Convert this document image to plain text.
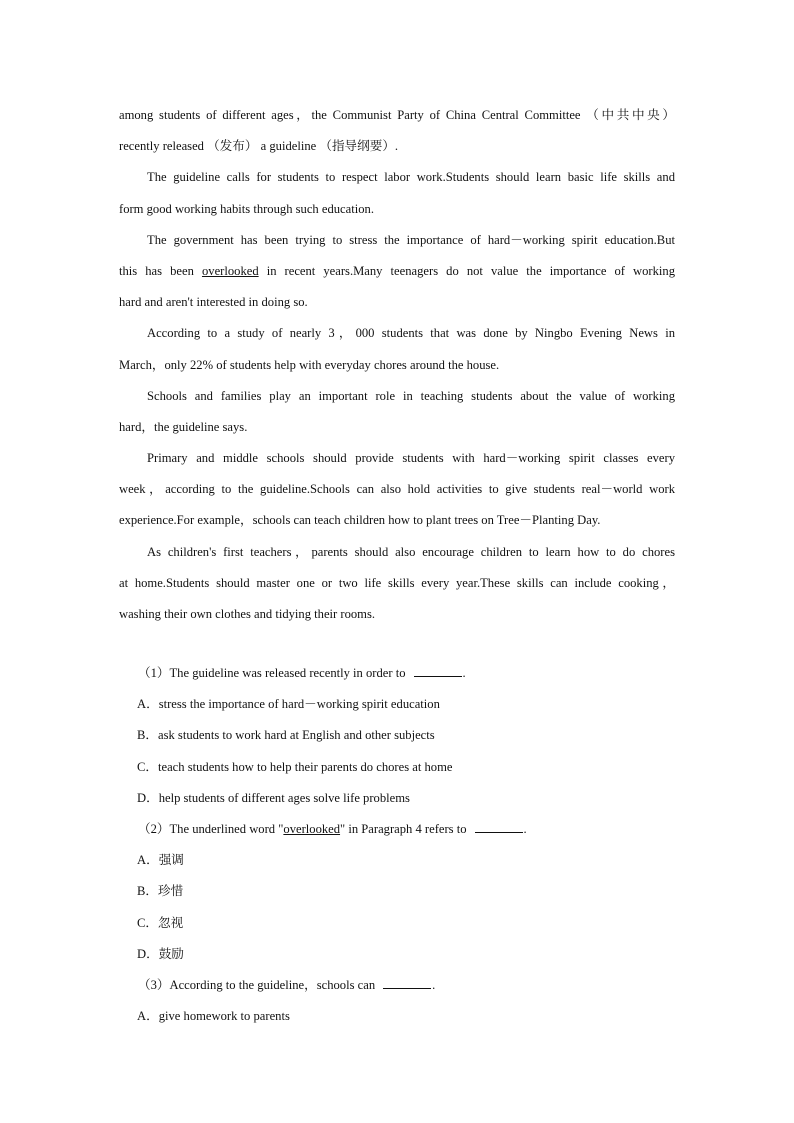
among students of different ages，the Communist Party of China Central Committee （中共中央）
recently released （发布） a guideline （指导纲要）.
The guideline calls for students to respect labor work.Students should learn basic life skills and
form good working habits through such education.
The government has been trying to stress the importance of hard－working spirit education.But
this has been overlooked in recent years.Many teenagers do not value the importance of working
hard and aren't interested in doing so.
According to a study of nearly 3，000 students that was done by Ningbo Evening News in
March，only 22% of students help with everyday chores around the house.
Schools and families play an important role in teaching students about the value of working
hard，the guideline says.
Primary and middle schools should provide students with hard－working spirit classes every
week，according to the guideline.Schools can also hold activities to give students real－world work
experience.For example，schools can teach children how to plant trees on Tree－Planting Day.
As children's first teachers，parents should also encourage children to learn how to do chores
at home.Students should master one or two life skills every year.These skills can include cooking，
washing their own clothes and tidying their rooms.
（1）The guideline was released recently in order to	.
A．stress the importance of hard－working spirit education
B．ask students to work hard at English and other subjects
C．teach students how to help their parents do chores at home
D．help students of different ages solve life problems
（2）The underlined word "overlooked" in Paragraph 4 refers to	.
A．强调
B．珍惜
C．忽视
D．鼓励
（3）According to the guideline，schools can	.
A．give homework to parents
